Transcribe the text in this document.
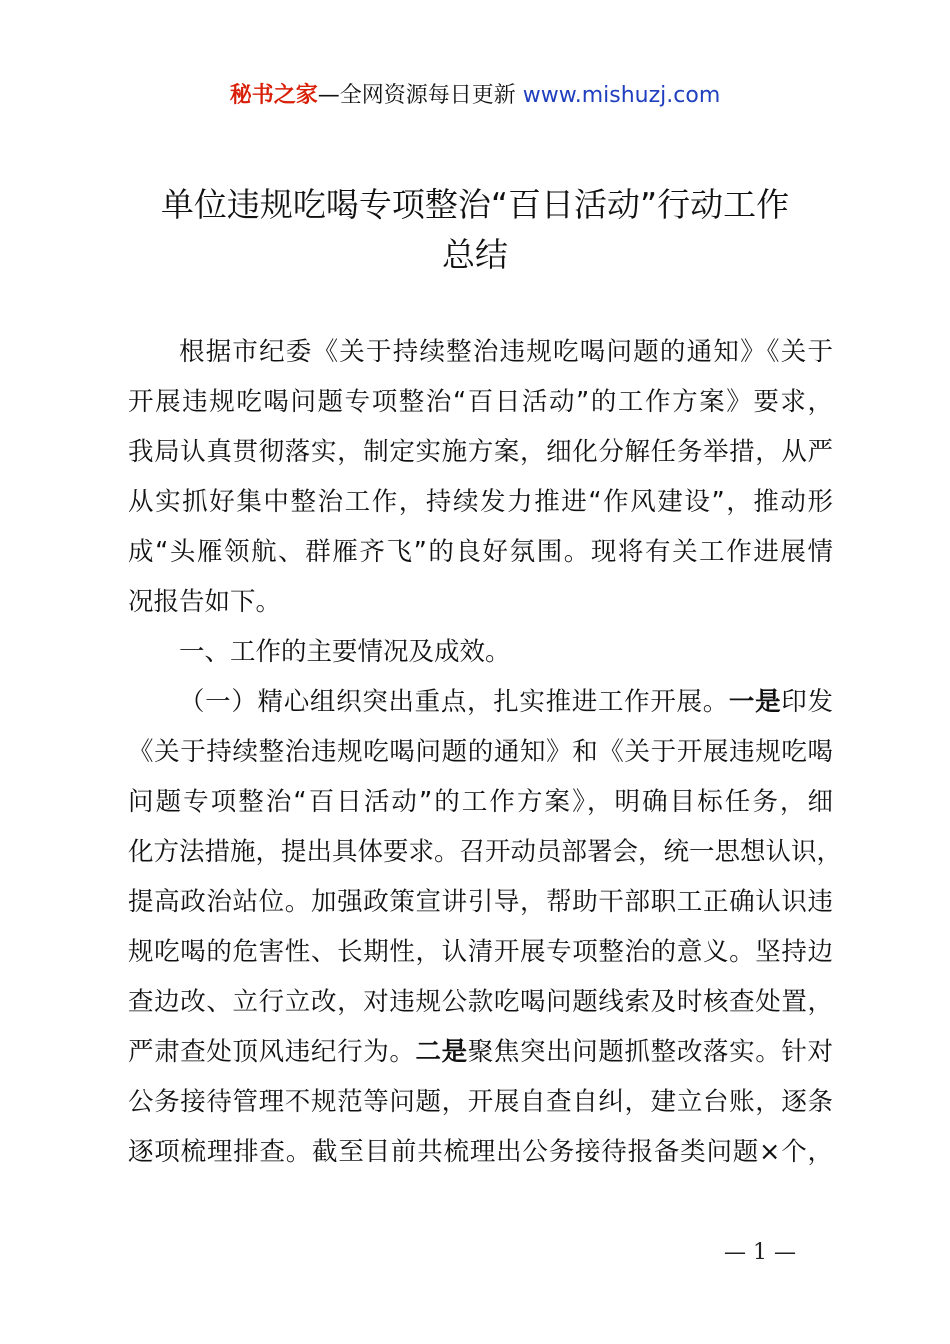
秘书之家—全网资源每日更新 www.mishuzj.com
单位违规吃喝专项整治“百日活动”行动工作
总结
根据市纪委《关于持续整治违规吃喝问题的通知》《关于
开展违规吃喝问题专项整治“百日活动”的工作方案》要求，
我局认真贯彻落实，制定实施方案，细化分解任务举措，从严
从实抓好集中整治工作，持续发力推进“作风建设”，推动形
成“头雁领航、群雁齐飞”的良好氛围。现将有关工作进展情
况报告如下。
一、工作的主要情况及成效。
（一）精心组织突出重点，扎实推进工作开展。一是印发
《关于持续整治违规吃喝问题的通知》和《关于开展违规吃喝
问题专项整治“百日活动”的工作方案》，明确目标任务，细
化方法措施，提出具体要求。召开动员部署会，统一思想认识，
提高政治站位。加强政策宣讲引导，帮助干部职工正确认识违
规吃喝的危害性、长期性，认清开展专项整治的意义。坚持边
查边改、立行立改，对违规公款吃喝问题线索及时核查处置，
严肃查处顶风违纪行为。二是聚焦突出问题抓整改落实。针对
公务接待管理不规范等问题，开展自查自纠，建立台账，逐条
逐项梳理排查。截至目前共梳理出公务接待报备类问题×个，
— 1 —
